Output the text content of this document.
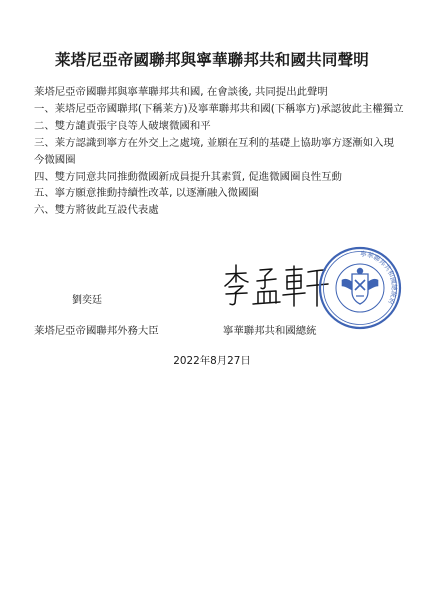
莱塔尼亞帝國聯邦與寧華聯邦共和國共同聲明

莱塔尼亞帝國聯邦與寧華聯邦共和國, 在會談後, 共同提出此聲明

一、莱塔尼亞帝國聯邦(下稱莱方)及寧華聯邦共和國(下稱寧方)承認彼此主權獨立

二、雙方譴責張宇良等人破壞微國和平

三、莱方認識到寧方在外交上之處境, 並願在互利的基礎上協助寧方逐漸如入現今微國圈

四、雙方同意共同推動微國新成員提升其素質, 促進微國圈良性互動

五、寧方願意推動持續性改革, 以逐漸融入微國圈

六、雙方將彼此互設代表處

劉奕廷
寧華聯邦共和國總統府
莱塔尼亞帝國聯邦外務大臣	寧華聯邦共和國總統
2022年8月27日
